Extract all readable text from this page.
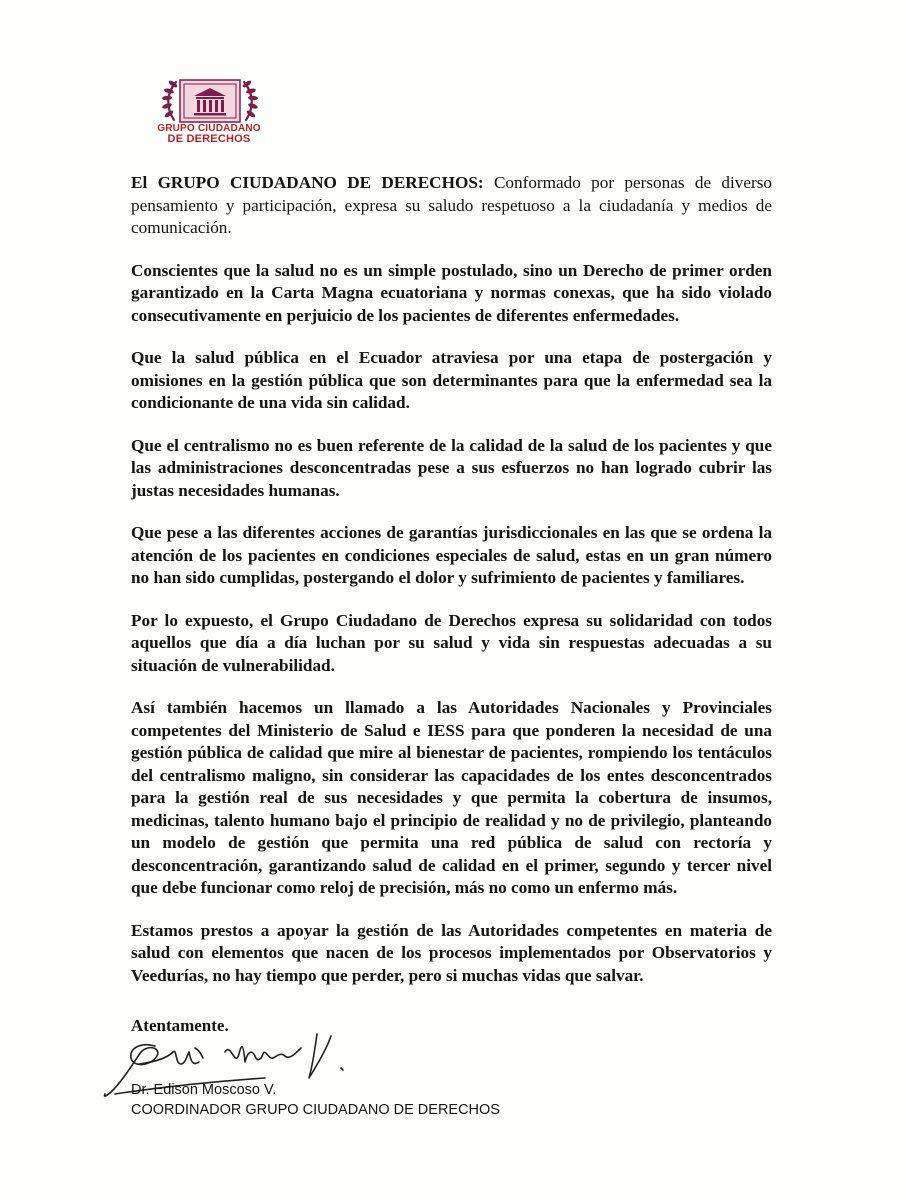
GRUPO CIUDADANO
DE DERECHOS

El GRUPO CIUDADANO DE DERECHOS: Conformado por personas de diverso pensamiento y participación, expresa su saludo respetuoso a la ciudadanía y medios de comunicación.

Conscientes que la salud no es un simple postulado, sino un Derecho de primer orden garantizado en la Carta Magna ecuatoriana y normas conexas, que ha sido violado consecutivamente en perjuicio de los pacientes de diferentes enfermedades.

Que la salud pública en el Ecuador atraviesa por una etapa de postergación y omisiones en la gestión pública que son determinantes para que la enfermedad sea la condicionante de una vida sin calidad.

Que el centralismo no es buen referente de la calidad de la salud de los pacientes y que las administraciones desconcentradas pese a sus esfuerzos no han logrado cubrir las justas necesidades humanas.

Que pese a las diferentes acciones de garantías jurisdiccionales en las que se ordena la atención de los pacientes en condiciones especiales de salud, estas en un gran número no han sido cumplidas, postergando el dolor y sufrimiento de pacientes y familiares.

Por lo expuesto, el Grupo Ciudadano de Derechos expresa su solidaridad con todos aquellos que día a día luchan por su salud y vida sin respuestas adecuadas a su situación de vulnerabilidad.

Así también hacemos un llamado a las Autoridades Nacionales y Provinciales competentes del Ministerio de Salud e IESS para que ponderen la necesidad de una gestión pública de calidad que mire al bienestar de pacientes, rompiendo los tentáculos del centralismo maligno, sin considerar las capacidades de los entes desconcentrados para la gestión real de sus necesidades y que permita la cobertura de insumos, medicinas, talento humano bajo el principio de realidad y no de privilegio, planteando un modelo de gestión que permita una red pública de salud con rectoría y desconcentración, garantizando salud de calidad en el primer, segundo y tercer nivel que debe funcionar como reloj de precisión, más no como un enfermo más.

Estamos prestos a apoyar la gestión de las Autoridades competentes en materia de salud con elementos que nacen de los procesos implementados por Observatorios y Veedurías, no hay tiempo que perder, pero si muchas vidas que salvar.

Atentamente.
Dr. Edison Moscoso V.
COORDINADOR GRUPO CIUDADANO DE DERECHOS
